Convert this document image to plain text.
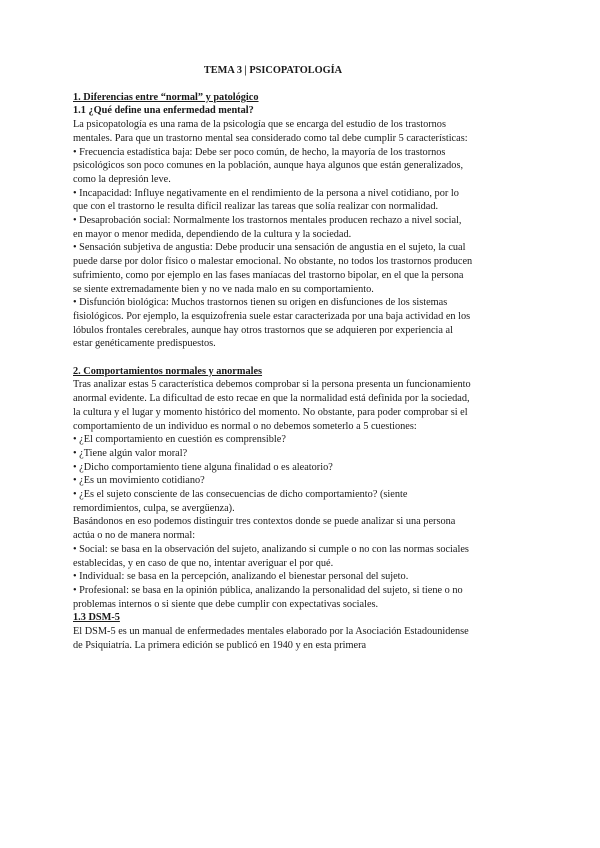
TEMA 3 | PSICOPATOLOGÍA

1. Diferencias entre “normal” y patológico

1.1 ¿Qué define una enfermedad mental?

La psicopatología es una rama de la psicología que se encarga del estudio de los trastornos mentales. Para que un trastorno mental sea considerado como tal debe cumplir 5 características:

• Frecuencia estadística baja: Debe ser poco común, de hecho, la mayoría de los trastornos psicológicos son poco comunes en la población, aunque haya algunos que están generalizados, como la depresión leve.

• Incapacidad: Influye negativamente en el rendimiento de la persona a nivel cotidiano, por lo que con el trastorno le resulta difícil realizar las tareas que solía realizar con normalidad.

• Desaprobación social: Normalmente los trastornos mentales producen rechazo a nivel social, en mayor o menor medida, dependiendo de la cultura y la sociedad.

• Sensación subjetiva de angustia: Debe producir una sensación de angustia en el sujeto, la cual puede darse por dolor físico o malestar emocional. No obstante, no todos los trastornos producen sufrimiento, como por ejemplo en las fases maníacas del trastorno bipolar, en el que la persona se siente extremadamente bien y no ve nada malo en su comportamiento.

• Disfunción biológica: Muchos trastornos tienen su origen en disfunciones de los sistemas fisiológicos. Por ejemplo, la esquizofrenia suele estar caracterizada por una baja actividad en los lóbulos frontales cerebrales, aunque hay otros trastornos que se adquieren por experiencia al estar genéticamente predispuestos.

2. Comportamientos normales y anormales

Tras analizar estas 5 característica debemos comprobar si la persona presenta un funcionamiento anormal evidente. La dificultad de esto recae en que la normalidad está definida por la sociedad, la cultura y el lugar y momento histórico del momento. No obstante, para poder comprobar si el comportamiento de un individuo es normal o no debemos someterlo a 5 cuestiones:

• ¿El comportamiento en cuestión es comprensible?

• ¿Tiene algún valor moral?

• ¿Dicho comportamiento tiene alguna finalidad o es aleatorio?

• ¿Es un movimiento cotidiano?

• ¿Es el sujeto consciente de las consecuencias de dicho comportamiento? (siente remordimientos, culpa, se avergüenza).

Basándonos en eso podemos distinguir tres contextos donde se puede analizar si una persona actúa o no de manera normal:

• Social: se basa en la observación del sujeto, analizando si cumple o no con las normas sociales establecidas, y en caso de que no, intentar averiguar el por qué.

• Individual: se basa en la percepción, analizando el bienestar personal del sujeto.

• Profesional: se basa en la opinión pública, analizando la personalidad del sujeto, si tiene o no problemas internos o si siente que debe cumplir con expectativas sociales.

1.3 DSM-5

El DSM-5 es un manual de enfermedades mentales elaborado por la Asociación Estadounidense de Psiquiatría. La primera edición se publicó en 1940 y en esta primera
